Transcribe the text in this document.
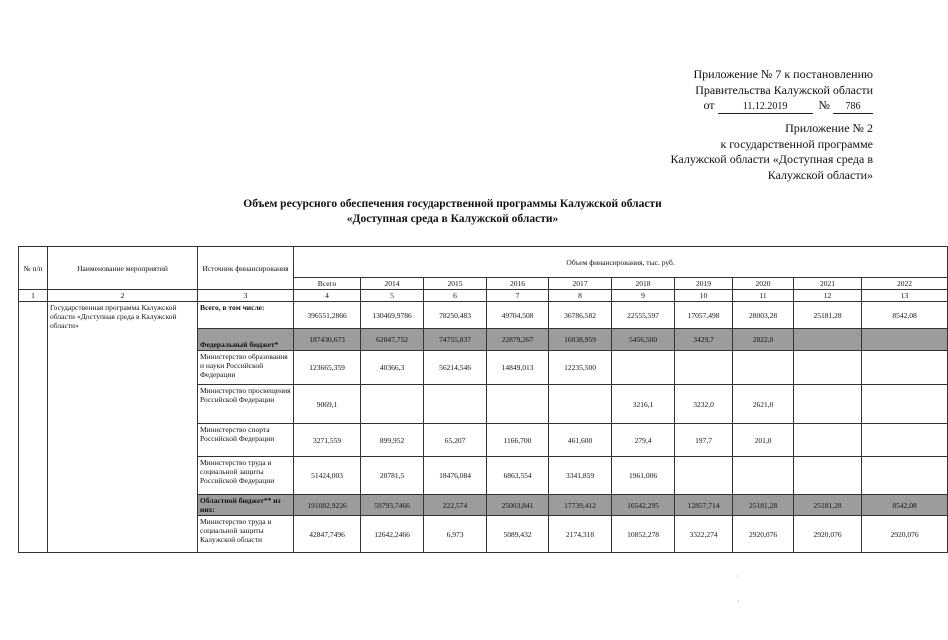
Приложение № 7 к постановлению
Правительства Калужской области
от	11.12.2019	№ 786
Приложение № 2
к государственной программе
Калужской области «Доступная среда в
Калужской области»
Объем ресурсного обеспечения государственной программы Калужской области
«Доступная среда в Калужской области»
№ п/п	Наименование мероприятий	Источник финансирования	Объем финансирования, тыс. руб.									
			Всего	2014	2015	2016	2017	2018	2019	2020	2021	2022
1	2	3	4	5	6	7	8	9	10	11	12	13
	Государственная программа Калужской области «Доступная среда в Калужской области»	Всего, в том числе:	396551,2866	130469,9786	78250,483	49704,508	36786,582	22555,597	17057,498	28003,28	25181,28	8542,08
		Федеральный бюджет*	187430,673	62047,752	74755,837	22879,267	16038,959	5456,500	3429,7	2822,0		
		Министерство образования и науки Российской Федерации	123665,359	40366,3	56214,546	14849,013	12235,500					
		Министерство просвещения Российской Федерации	9069,1					3216,1	3232,0	2621,0		
		Министерство спорта Российской Федерации	3271,559	899,952	65,207	1166,700	461,600	279,4	197,7	201,0		
		Министерство труда и социальной защиты Российской Федерации	51424,003	20781,5	18476,084	6863,554	3341,859	1961,006				
		Областной бюджет** из них:	191082,9226	59793,7466	222,574	25003,841	17739,412	16542,295	12857,714	25181,28	25181,28	8542,08
		Министерство труда и социальной защиты Калужской области	42847,7496	12642,2466	6,973	5089,432	2174,318	10852,278	3322,274	2920,076	2920,076	2920,076
·
·
